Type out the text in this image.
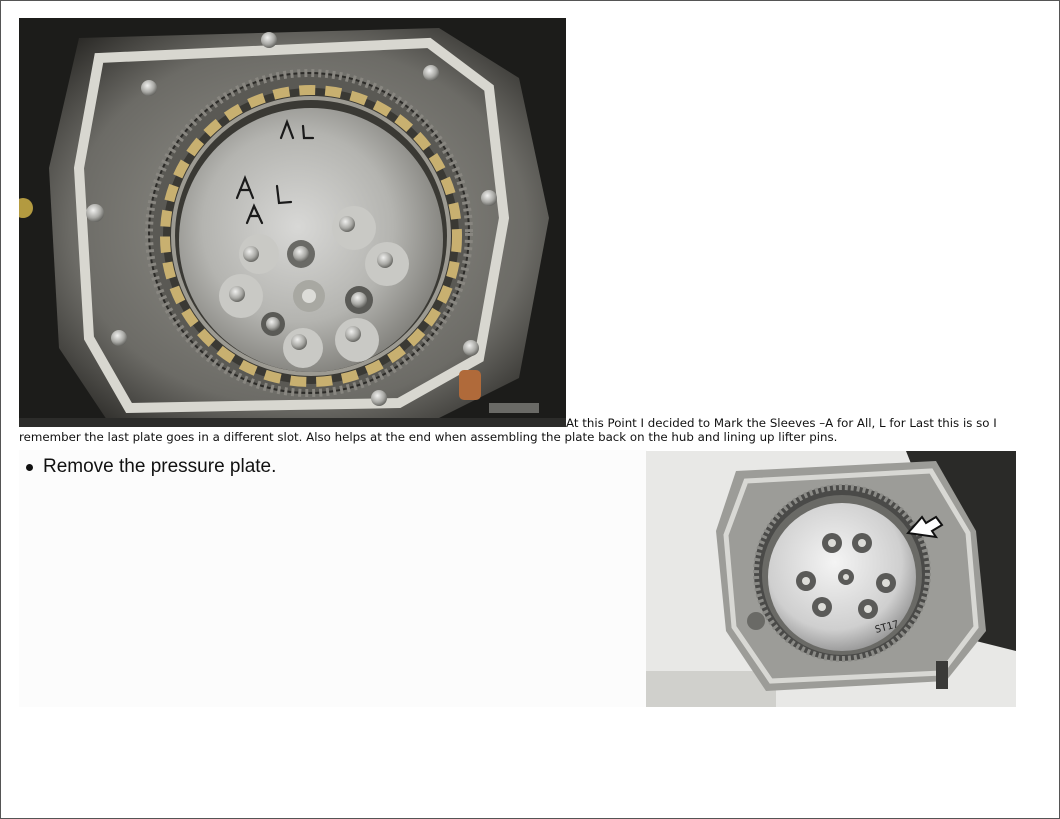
At this Point I decided to Mark the Sleeves –A for All, L for Last this is so I remember the last plate goes in a different slot. Also helps at the end when assembling the plate back on the hub and lining up lifter pins.

Remove the pressure plate.
ST17
